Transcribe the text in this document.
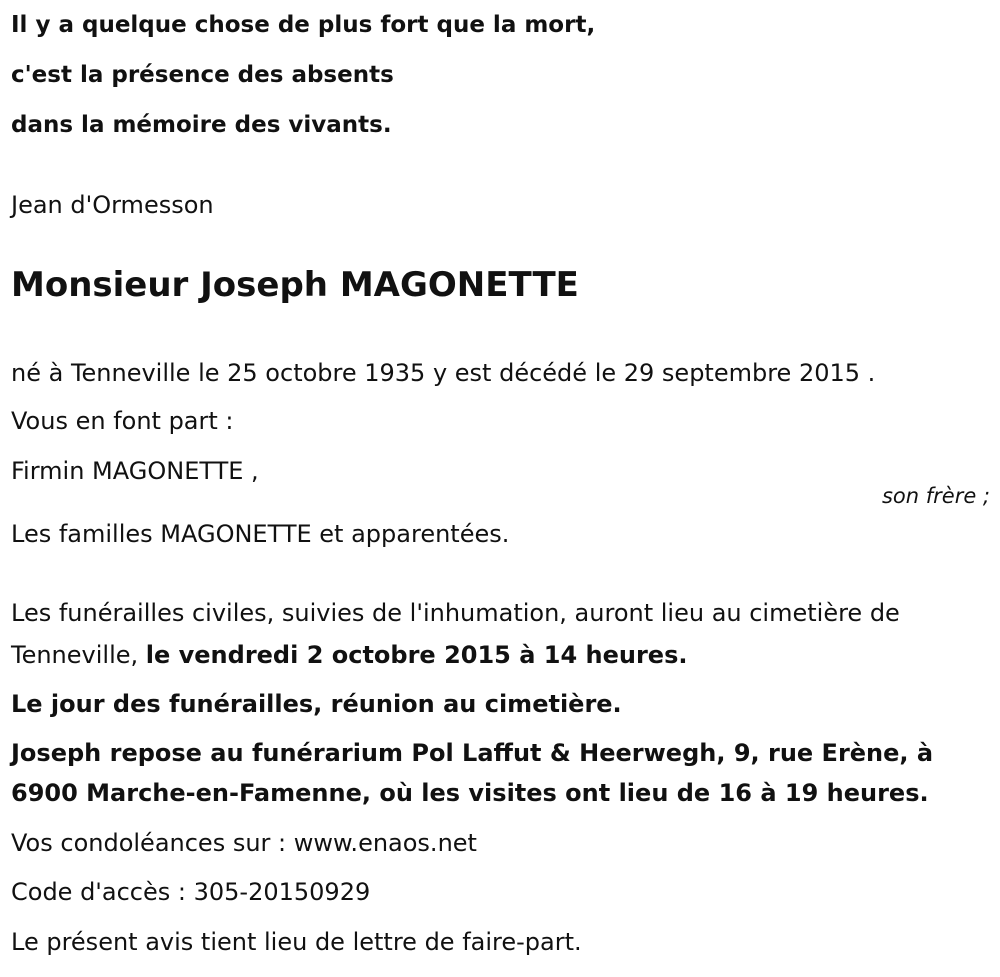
Il y a quelque chose de plus fort que la mort,
c'est la présence des absents
dans la mémoire des vivants.
Jean d'Ormesson
Monsieur Joseph MAGONETTE
né à Tenneville le 25 octobre 1935 y est décédé le 29 septembre 2015 .
Vous en font part :
Firmin MAGONETTE ,
son frère ;
Les familles MAGONETTE et apparentées.
Les funérailles civiles, suivies de l'inhumation, auront lieu au cimetière de
Tenneville, le vendredi 2 octobre 2015 à 14 heures.
Le jour des funérailles, réunion au cimetière.
Joseph repose au funérarium Pol Laffut & Heerwegh, 9, rue Erène, à
6900 Marche-en-Famenne, où les visites ont lieu de 16 à 19 heures.
Vos condoléances sur : www.enaos.net
Code d'accès : 305-20150929
Le présent avis tient lieu de lettre de faire-part.
